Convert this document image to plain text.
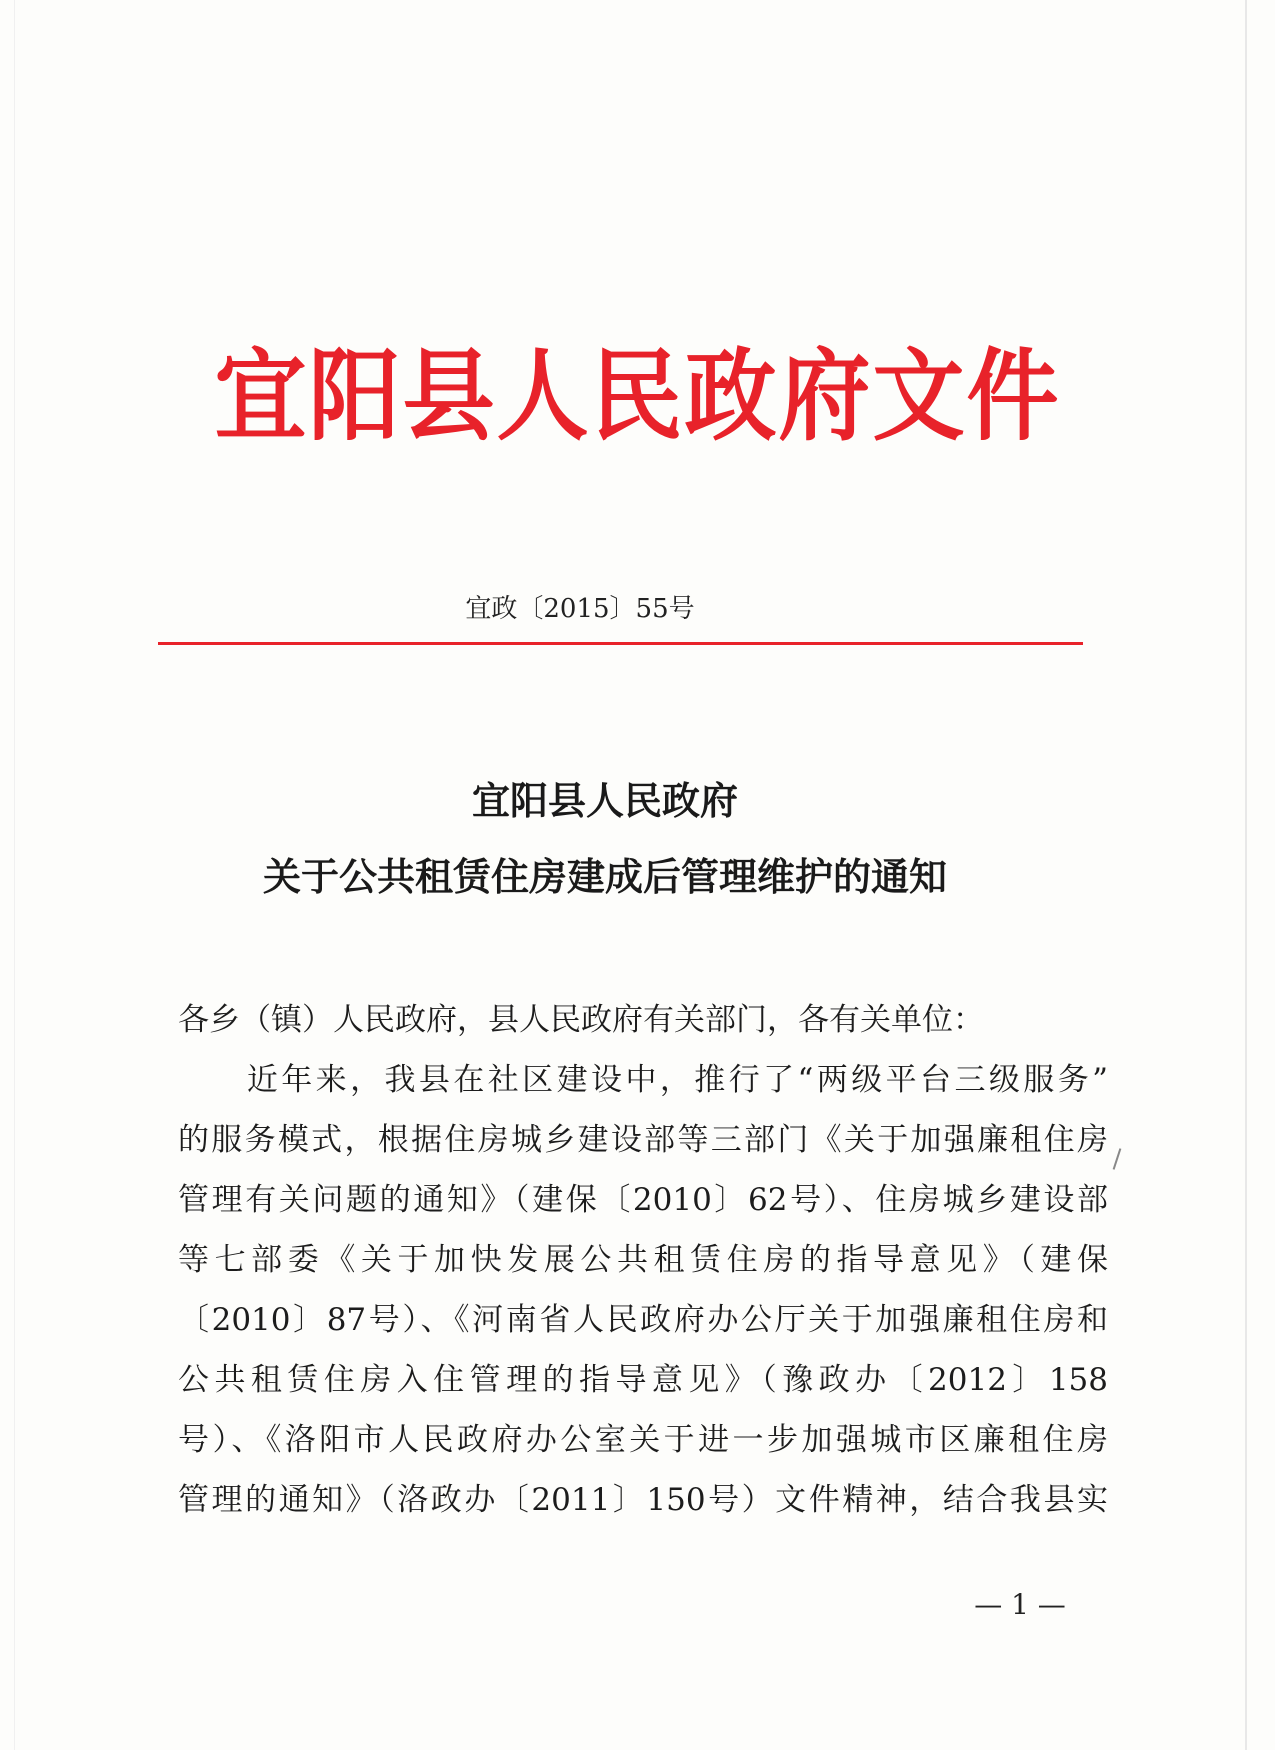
宜阳县人民政府文件
宜政〔2015〕55号
宜阳县人民政府
关于公共租赁住房建成后管理维护的通知
各乡（镇）人民政府，县人民政府有关部门，各有关单位：
　　近年来，我县在社区建设中，推行了“两级平台三级服务”
的服务模式，根据住房城乡建设部等三部门《关于加强廉租住房
管理有关问题的通知》（建保〔2010〕62号）、住房城乡建设部
等七部委《关于加快发展公共租赁住房的指导意见》（建保
〔2010〕87号）、《河南省人民政府办公厅关于加强廉租住房和
公共租赁住房入住管理的指导意见》（豫政办〔2012〕158
号）、《洛阳市人民政府办公室关于进一步加强城市区廉租住房
管理的通知》（洛政办〔2011〕150号）文件精神，结合我县实
— 1 —
